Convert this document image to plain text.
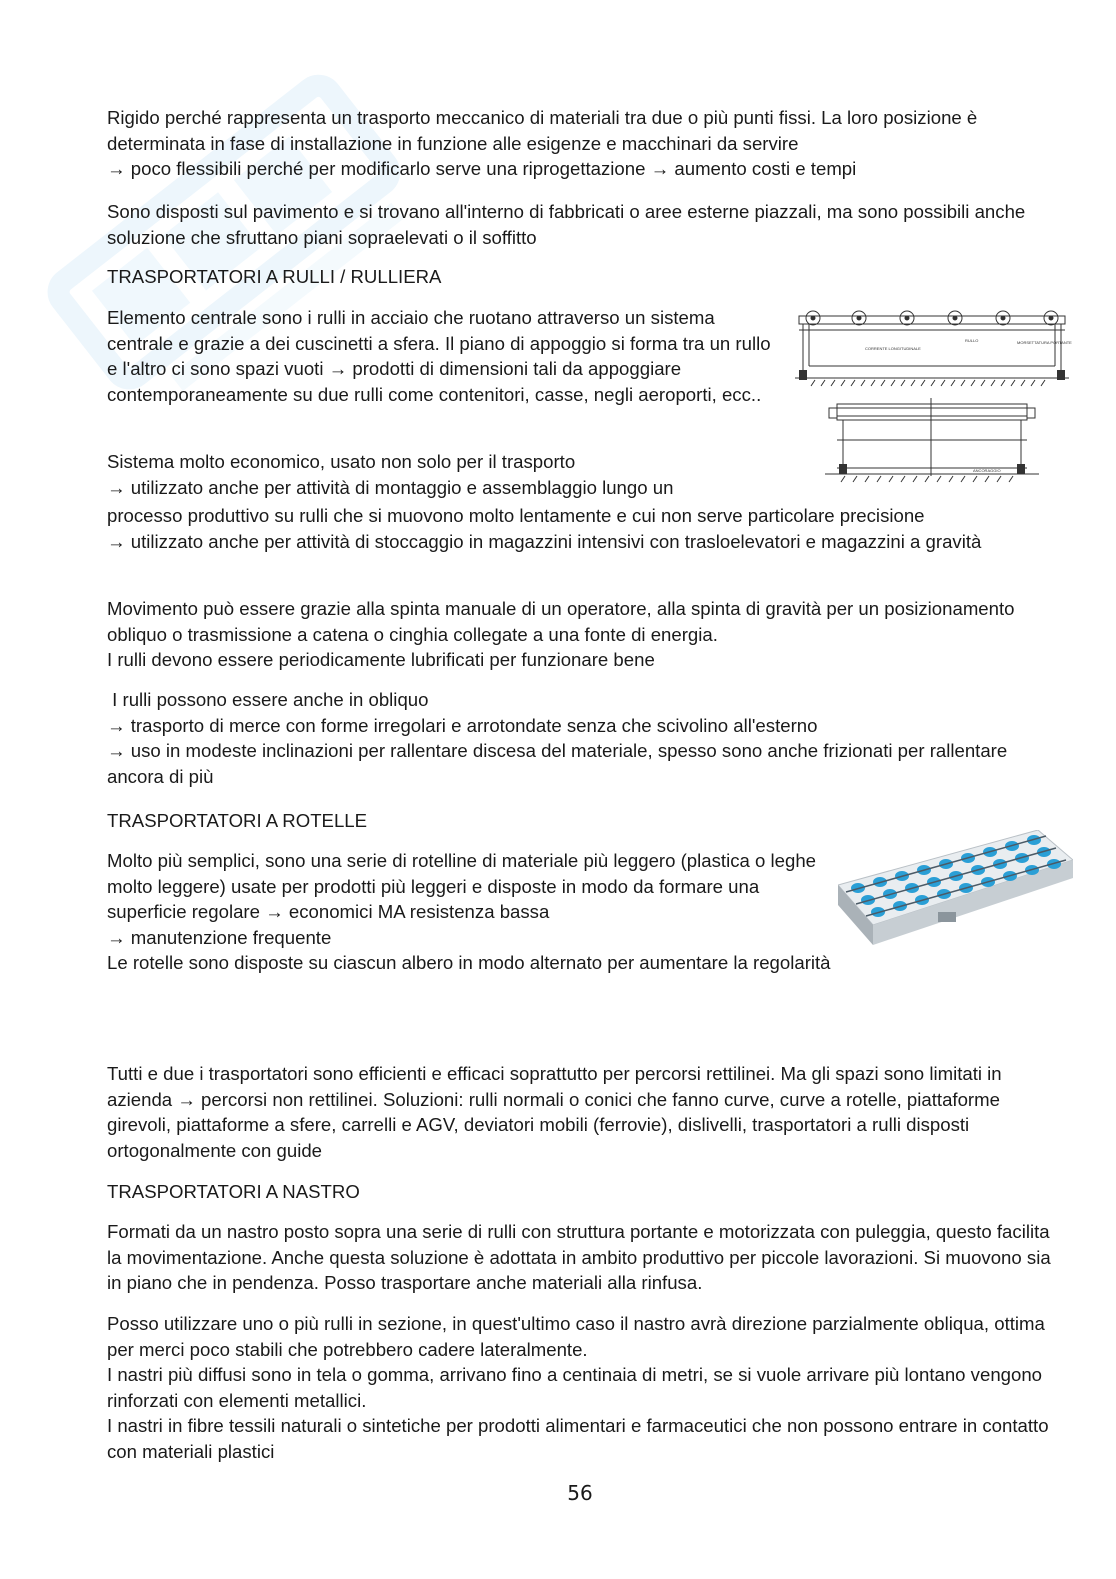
Rigido perché rappresenta un trasporto meccanico di materiali tra due o più punti fissi. La loro posizione è determinata in fase di installazione in funzione alle esigenze e macchinari da servire
→ poco flessibili perché per modificarlo serve una riprogettazione → aumento costi e tempi

Sono disposti sul pavimento e si trovano all'interno di fabbricati o aree esterne piazzali, ma sono possibili anche soluzione che sfruttano piani sopraelevati o il soffitto

TRASPORTATORI A RULLI / RULLIERA

Elemento centrale sono i rulli in acciaio che ruotano attraverso un sistema centrale e grazie a dei cuscinetti a sfera. Il piano di appoggio si forma tra un rullo e l'altro ci sono spazi vuoti → prodotti di dimensioni tali da appoggiare contemporaneamente su due rulli come contenitori, casse, negli aeroporti, ecc..

Sistema molto economico, usato non solo per il trasporto
→ utilizzato anche per attività di montaggio e assemblaggio lungo un

processo produttivo su rulli che si muovono molto lentamente e cui non serve particolare precisione
→ utilizzato anche per attività di stoccaggio in magazzini intensivi con trasloelevatori e magazzini a gravità

Movimento può essere grazie alla spinta manuale di un operatore, alla spinta di gravità per un posizionamento obliquo o trasmissione a catena o cinghia collegate a una fonte di energia.
I rulli devono essere periodicamente lubrificati per funzionare bene

I rulli possono essere anche in obliquo
→ trasporto di merce con forme irregolari e arrotondate senza che scivolino all'esterno
→ uso in modeste inclinazioni per rallentare discesa del materiale, spesso sono anche frizionati per rallentare ancora di più

TRASPORTATORI A ROTELLE

Molto più semplici, sono una serie di rotelline di materiale più leggero (plastica o leghe molto leggere) usate per prodotti più leggeri e disposte in modo da formare una superficie regolare → economici MA resistenza bassa
→ manutenzione frequente
Le rotelle sono disposte su ciascun albero in modo alternato per aumentare la regolarità

Tutti e due i trasportatori sono efficienti e efficaci soprattutto per percorsi rettilinei. Ma gli spazi sono limitati in azienda → percorsi non rettilinei. Soluzioni: rulli normali o conici che fanno curve, curve a rotelle, piattaforme girevoli, piattaforme a sfere, carrelli e AGV, deviatori mobili (ferrovie), dislivelli, trasportatori a rulli disposti ortogonalmente con guide

TRASPORTATORI A NASTRO

Formati da un nastro posto sopra una serie di rulli con struttura portante e motorizzata con puleggia, questo facilita la movimentazione. Anche questa soluzione è adottata in ambito produttivo per piccole lavorazioni. Si muovono sia in piano che in pendenza. Posso trasportare anche materiali alla rinfusa.

Posso utilizzare uno o più rulli in sezione, in quest'ultimo caso il nastro avrà direzione parzialmente obliqua, ottima per merci poco stabili che potrebbero cadere lateralmente.
I nastri più diffusi sono in tela o gomma, arrivano fino a centinaia di metri, se si vuole arrivare più lontano vengono rinforzati con elementi metallici.
I nastri in fibre tessili naturali o sintetiche per prodotti alimentari e farmaceutici che non possono entrare in contatto con materiali plastici

CORRENTE LONGITUDINALE
RULLO	MORSETTATURA PORTANTE
ANCORAGGIO
56
